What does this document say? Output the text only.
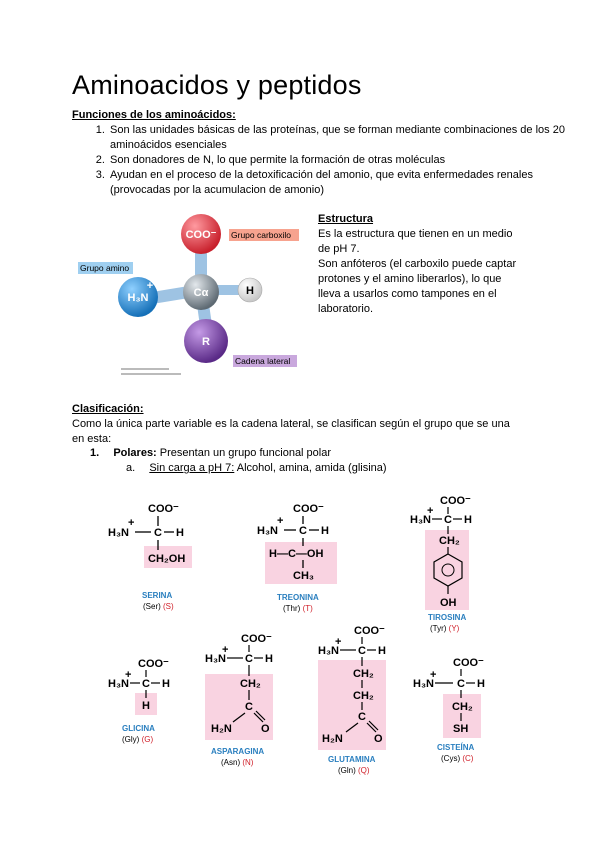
Aminoacidos y peptidos
Funciones de los aminoácidos:
1. Son las unidades básicas de las proteínas, que se forman mediante combinaciones de los 20 aminoácidos esenciales
2. Son donadores de N, lo que permite la formación de otras moléculas
3. Ayudan en el proceso de la detoxificación del amonio, que evita enfermedades renales (provocadas por la acumulacion de amonio)
Grupo carboxilo
Grupo amino
Cadena lateral
COO⁻
H₃N
+
Cα	H
R
Estructura
Es la estructura que tienen en un medio
de pH 7.
Son anfóteros (el carboxilo puede captar
protones y el amino liberarlos), lo que
lleva a usarlos como tampones en el
laboratorio.
Clasificación:
Como la única parte variable es la cadena lateral, se clasifican según el grupo que se una
en esta:
1. Polares: Presentan un grupo funcional polar
a. Sin carga a pH 7: Alcohol, amina, amida (glisina)
COO⁻
H₃N
+
C H
CH₂OH
SERINA
(Ser) (S)
COO⁻
H₃N
+
C H
H—C—OH
CH₃
TREONINA
(Thr) (T)
COO⁻
H₃N
+
C H
CH₂
OH
TIROSINA
(Tyr) (Y)
COO⁻
H₃N
+
C H
H
GLICINA
(Gly) (G)
COO⁻
H₃N
+
C H
CH₂
C
H₂N	O
ASPARAGINA
(Asn) (N)
COO⁻
H₃N
+
C H
CH₂
CH₂
C
H₂N	O
GLUTAMINA
(Gln) (Q)
COO⁻
H₃N
+
C H
CH₂
SH
CISTEÍNA
(Cys) (C)
